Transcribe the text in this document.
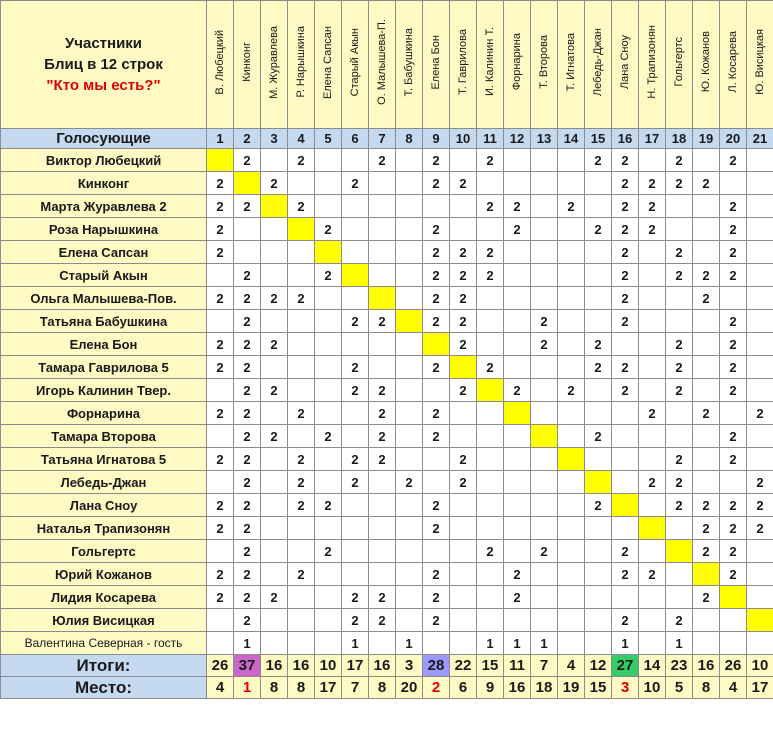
Участники
Блиц в 12 строк
"Кто мы есть?"	В. Любецкий	Кинконг	М. Журавлева	Р. Нарышкина	Елена Сапсан	Старый Акын	О. Малышева-П.	Т. Бабушкина	Елена Бон	Т. Гаврилова	И. Калинин Т.	Форнарина	Т. Второва	Т. Игнатова	Лебедь-Джан	Лана Сноу	Н. Трапизонян	Гольгертс	Ю. Кожанов	Л. Косарева	Ю. Висицкая
Голосующие	1	2	3	4	5	6	7	8	9	10	11	12	13	14	15	16	17	18	19	20	21
Виктор Любецкий		2		2			2		2		2				2	2		2		2	
Кинконг	2		2			2			2	2						2	2	2	2		
Марта Журавлева 2	2	2		2							2	2		2		2	2			2	
Роза Нарышкина	2				2				2			2			2	2	2			2	
Елена Сапсан	2								2	2	2					2		2		2	
Старый Акын		2			2				2	2	2					2		2	2	2	
Ольга Малышева-Пов.	2	2	2	2					2	2						2			2		
Татьяна Бабушкина		2				2	2		2	2			2			2				2	
Елена Бон	2	2	2							2			2		2			2		2	
Тамара Гаврилова 5	2	2				2			2		2				2	2		2		2	
Игорь Калинин Твер.		2	2			2	2			2		2		2		2		2		2	
Форнарина	2	2		2			2		2								2		2		2
Тамара Второва		2	2		2		2		2						2					2	
Татьяна Игнатова 5	2	2		2		2	2			2								2		2	
Лебедь-Джан		2		2		2		2		2							2	2			2
Лана Сноу	2	2		2	2				2						2			2	2	2	2
Наталья Трапизонян	2	2							2										2	2	2
Гольгертс		2			2						2		2			2			2	2	
Юрий Кожанов	2	2		2					2			2				2	2			2	
Лидия Косарева	2	2	2			2	2		2			2							2		
Юлия Висицкая		2				2	2		2							2		2			
Валентина Северная - гость		1				1		1			1	1	1			1		1			
Итоги:	26	37	16	16	10	17	16	3	28	22	15	11	7	4	12	27	14	23	16	26	10
Место:	4	1	8	8	17	7	8	20	2	6	9	16	18	19	15	3	10	5	8	4	17
